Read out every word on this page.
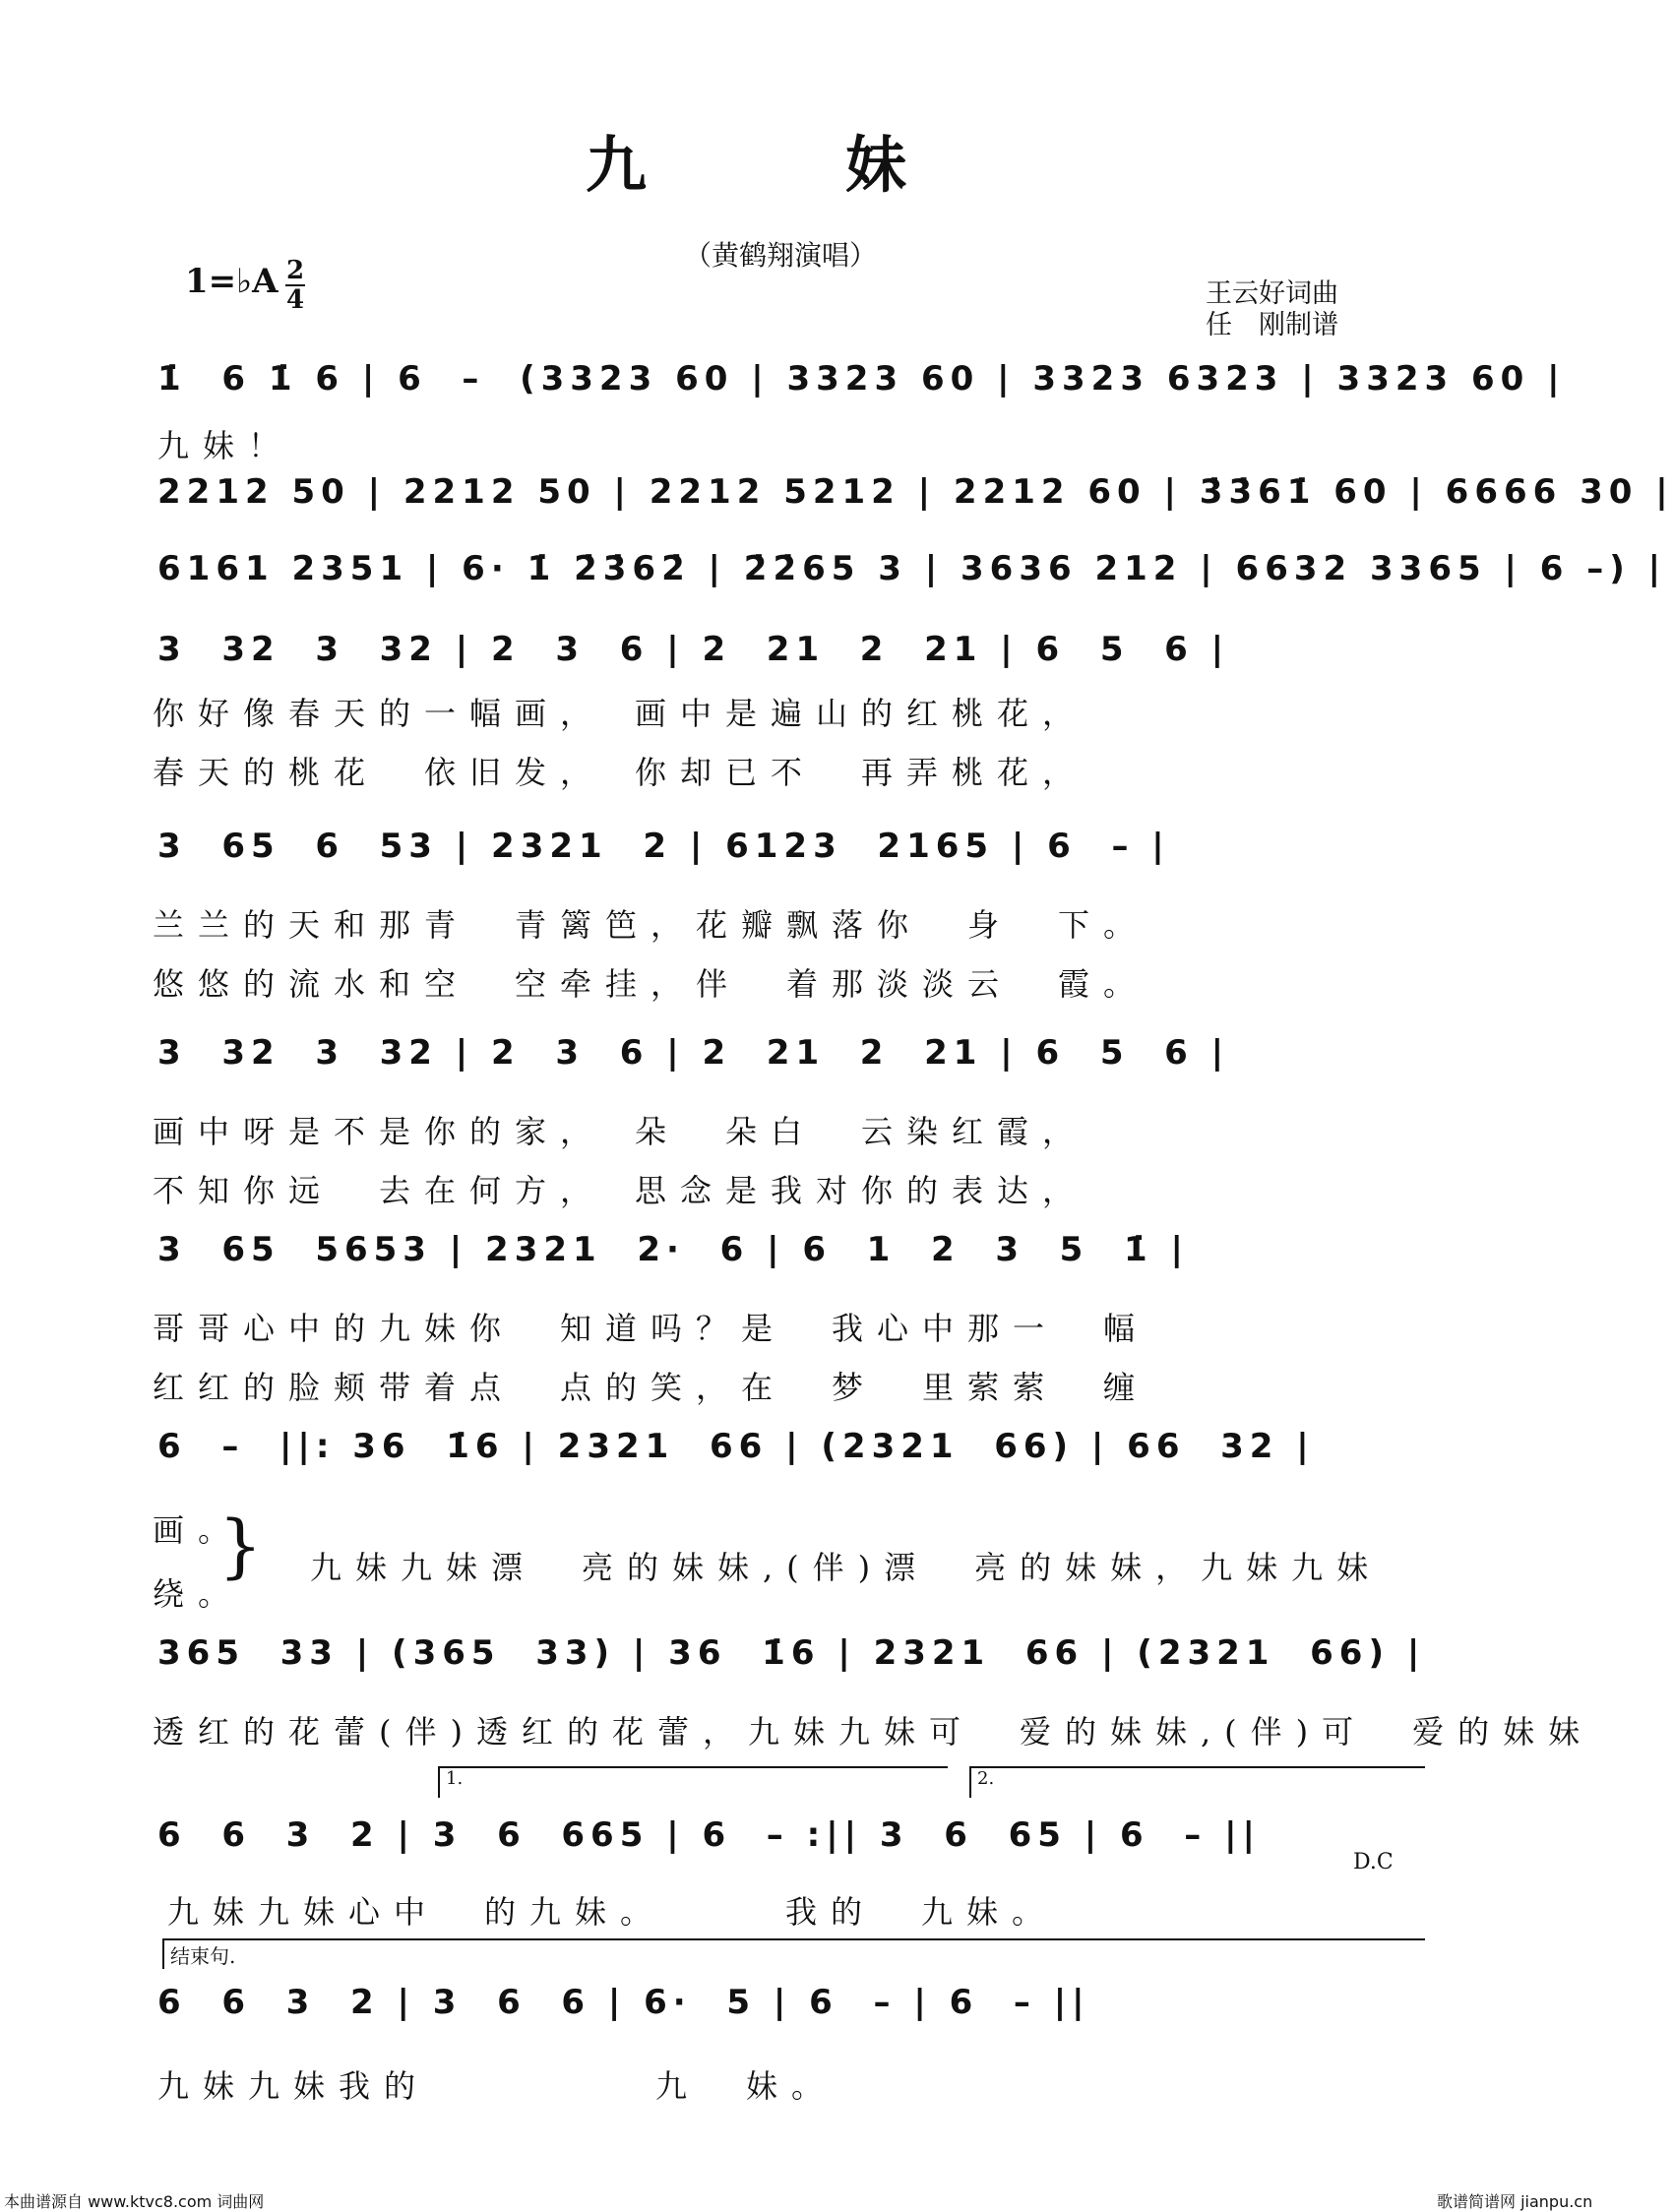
九　妹
（黄鹤翔演唱）
1=♭A 2
4	王云好词曲
任　刚制谱
1̇  6 1̇ 6 | 6  –  (3323 60 | 3323 60 | 3323 6323 | 3323 60 |
九妹！
2212 50 | 2212 50 | 2212 5212 | 2212 60 | 3̇3̇61̇ 60 | 6666 30 |
6161 2351 | 6· 1̇ 2̇3̇62̇ | 2̇2̇65 3 | 3636 212 | 6632 3365 | 6 –) |
3  32  3  32 | 2  3  6 | 2  21  2  21 | 6  5  6 |
你好像春天的一幅画，　画中是遍山的红桃花，
春天的桃花　依旧发，　你却已不　再弄桃花，
3  65  6  53 | 2321  2 | 6123  2165 | 6  – |
兰兰的天和那青　青篱笆，花瓣飘落你　身　下。
悠悠的流水和空　空牵挂，伴　着那淡淡云　霞。
3  32  3  32 | 2  3  6 | 2  21  2  21 | 6  5  6 |
画中呀是不是你的家，　朵　朵白　云染红霞，
不知你远　去在何方，　思念是我对你的表达，
3  65  5653 | 2321  2·  6 | 6  1  2  3  5  1̇ |
哥哥心中的九妹你　知道吗？是　我心中那一　幅
红红的脸颊带着点　点的笑，在　梦　里萦萦　缠
6  –  ||: 36  1̇6 | 2321  66 | (2321  66) | 66  32 |
画。
绕。
} 九妹九妹漂　亮的妹妹,(伴)漂　亮的妹妹，九妹九妹
365  33 | (365  33) | 36  1̇6 | 2321  66 | (2321  66) |
透红的花蕾(伴)透红的花蕾，九妹九妹可　爱的妹妹,(伴)可　爱的妹妹
1.	2.
6  6  3  2 | 3  6  665 | 6  – :|| 3  6  65 | 6  – ||
D.C
九妹九妹心中　的九妹。　　　我的　九妹。
结束句.
6  6  3  2 | 3  6  6 | 6·  5 | 6  – | 6  – ||
九妹九妹我的　　　　　九　妹。
本曲谱源自 www.ktvc8.com 词曲网	歌谱简谱网 jianpu.cn
